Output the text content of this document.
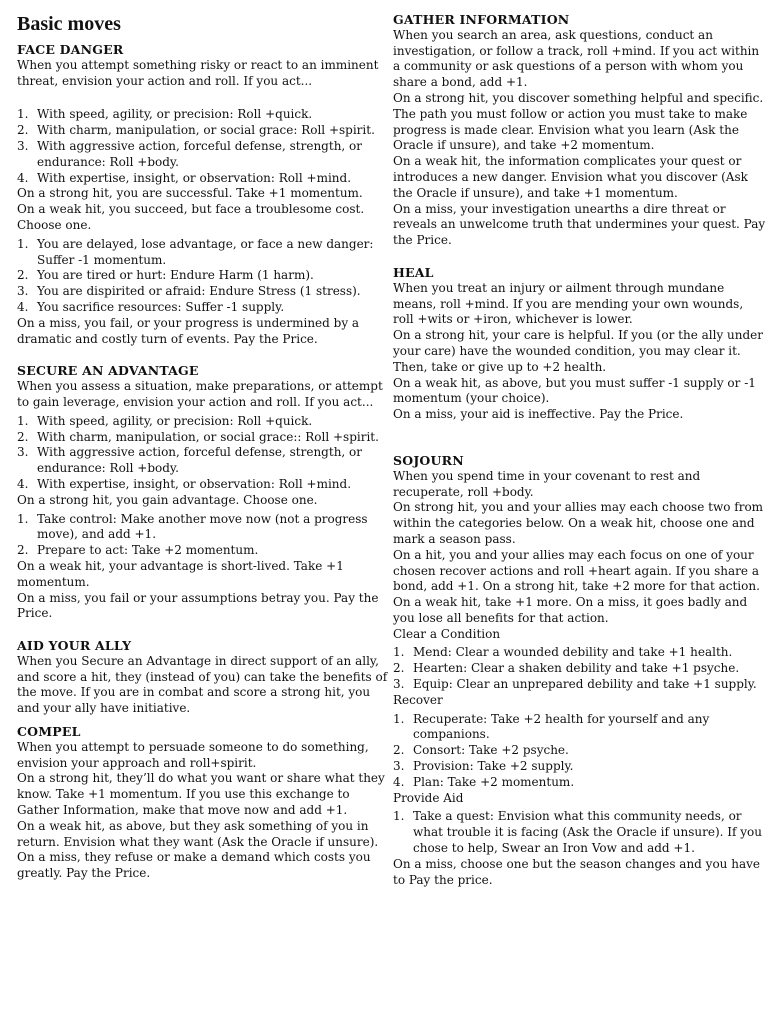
Basic moves
FACE DANGER

When you attempt something risky or react to an imminent threat, envision your action and roll. If you act...

1. With speed, agility, or precision: Roll +quick.
2. With charm, manipulation, or social grace: Roll +spirit.
3. With aggressive action, forceful defense, strength, or endurance: Roll +body.
4. With expertise, insight, or observation: Roll +mind.

On a strong hit, you are successful. Take +1 momentum.

On a weak hit, you succeed, but face a troublesome cost. Choose one.

1. You are delayed, lose advantage, or face a new danger: Suffer -1 momentum.
2. You are tired or hurt: Endure Harm (1 harm).
3. You are dispirited or afraid: Endure Stress (1 stress).
4. You sacrifice resources: Suffer -1 supply.

On a miss, you fail, or your progress is undermined by a dramatic and costly turn of events. Pay the Price.

SECURE AN ADVANTAGE

When you assess a situation, make preparations, or attempt to gain leverage, envision your action and roll. If you act...

1. With speed, agility, or precision: Roll +quick.
2. With charm, manipulation, or social grace:: Roll +spirit.
3. With aggressive action, forceful defense, strength, or endurance: Roll +body.
4. With expertise, insight, or observation: Roll +mind.

On a strong hit, you gain advantage. Choose one.

1. Take control: Make another move now (not a progress move), and add +1.
2. Prepare to act: Take +2 momentum.

On a weak hit, your advantage is short-lived. Take +1 momentum.

On a miss, you fail or your assumptions betray you. Pay the Price.

AID YOUR ALLY

When you Secure an Advantage in direct support of an ally, and score a hit, they (instead of you) can take the benefits of the move. If you are in combat and score a strong hit, you and your ally have initiative.

COMPEL

When you attempt to persuade someone to do something, envision your approach and roll+spirit.

On a strong hit, they’ll do what you want or share what they know. Take +1 momentum. If you use this exchange to Gather Information, make that move now and add +1.

On a weak hit, as above, but they ask something of you in return. Envision what they want (Ask the Oracle if unsure).

On a miss, they refuse or make a demand which costs you greatly. Pay the Price.

GATHER INFORMATION

When you search an area, ask questions, conduct an investigation, or follow a track, roll +mind. If you act within a community or ask questions of a person with whom you share a bond, add +1.

On a strong hit, you discover something helpful and specific. The path you must follow or action you must take to make progress is made clear. Envision what you learn (Ask the Oracle if unsure), and take +2 momentum.

On a weak hit, the information complicates your quest or introduces a new danger. Envision what you discover (Ask the Oracle if unsure), and take +1 momentum.

On a miss, your investigation unearths a dire threat or reveals an unwelcome truth that undermines your quest. Pay the Price.

HEAL

When you treat an injury or ailment through mundane means, roll +mind. If you are mending your own wounds, roll +wits or +iron, whichever is lower.

On a strong hit, your care is helpful. If you (or the ally under your care) have the wounded condition, you may clear it. Then, take or give up to +2 health.

On a weak hit, as above, but you must suffer -1 supply or -1 momentum (your choice).

On a miss, your aid is ineffective. Pay the Price.

SOJOURN

When you spend time in your covenant to rest and recuperate, roll +body.

On strong hit, you and your allies may each choose two from within the categories below. On a weak hit, choose one and mark a season pass.

On a hit, you and your allies may each focus on one of your chosen recover actions and roll +heart again. If you share a bond, add +1. On a strong hit, take +2 more for that action. On a weak hit, take +1 more. On a miss, it goes badly and you lose all benefits for that action.

Clear a Condition

1. Mend: Clear a wounded debility and take +1 health.
2. Hearten: Clear a shaken debility and take +1 psyche.
3. Equip: Clear an unprepared debility and take +1 supply.

Recover

1. Recuperate: Take +2 health for yourself and any companions.
2. Consort: Take +2 psyche.
3. Provision: Take +2 supply.
4. Plan: Take +2 momentum.

Provide Aid

1. Take a quest: Envision what this community needs, or what trouble it is facing (Ask the Oracle if unsure). If you chose to help, Swear an Iron Vow and add +1.

On a miss, choose one but the season changes and you have to Pay the price.
